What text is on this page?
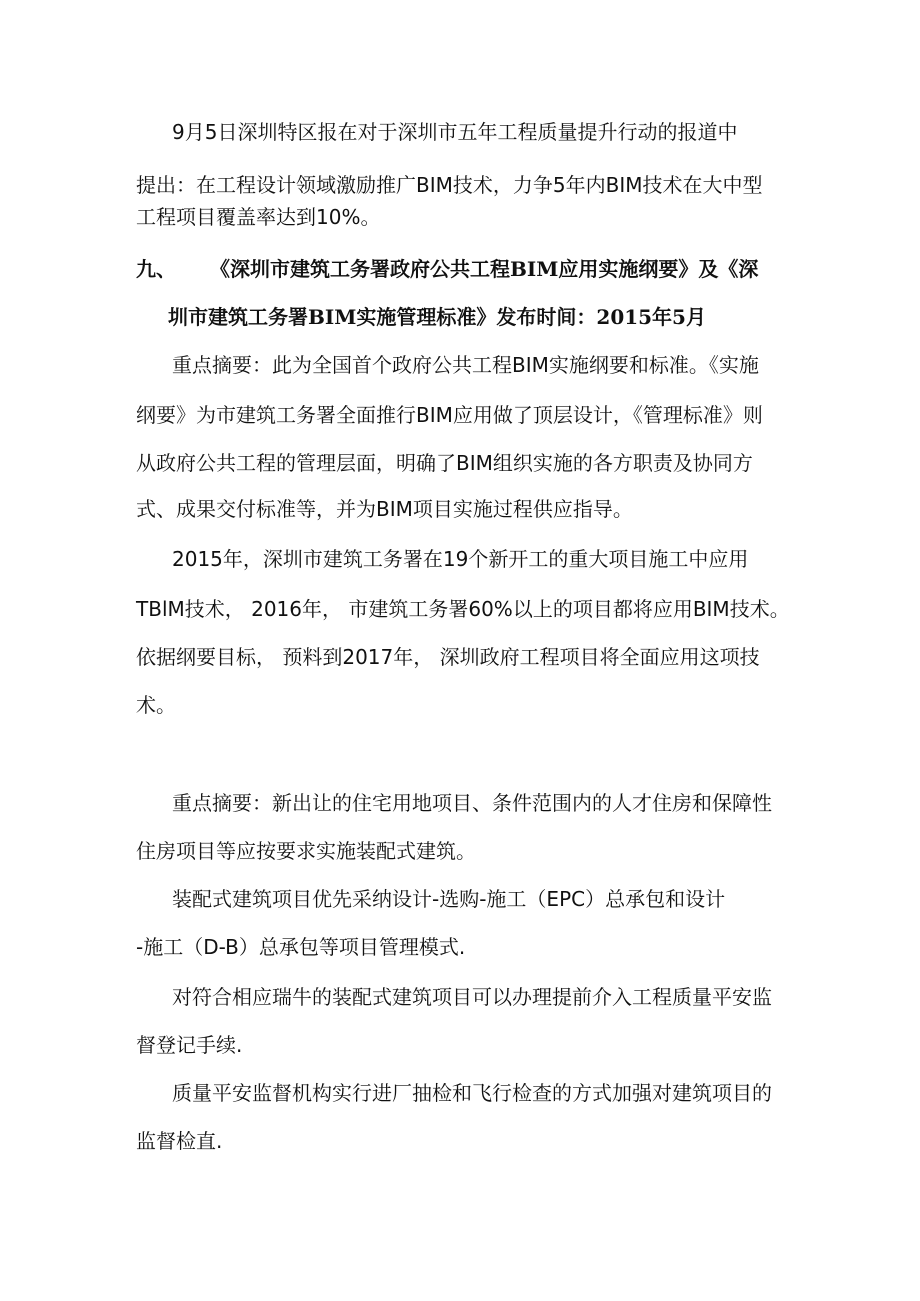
9月5日深圳特区报在对于深圳市五年工程质量提升行动的报道中
提出：在工程设计领域激励推广BIM技术，力争5年内BIM技术在大中型
工程项目覆盖率达到10%。
九、 《深圳市建筑工务署政府公共工程BIM应用实施纲要》及《深
圳市建筑工务署BIM实施管理标准》发布时间：2015年5月
重点摘要：此为全国首个政府公共工程BIM实施纲要和标准。《实施
纲要》为市建筑工务署全面推行BIM应用做了顶层设计，《管理标准》则
从政府公共工程的管理层面，明确了BIM组织实施的各方职责及协同方
式、成果交付标准等，并为BIM项目实施过程供应指导。
2015年，深圳市建筑工务署在19个新开工的重大项目施工中应用
TBlM技术， 2016年， 市建筑工务署60%以上的项目都将应用BIM技术。
依据纲要目标， 预料到2017年， 深圳政府工程项目将全面应用这项技
术。
重点摘要：新出让的住宅用地项目、条件范围内的人才住房和保障性
住房项目等应按要求实施装配式建筑。
装配式建筑项目优先采纳设计-选购-施工（EPC）总承包和设计
-施工（D-B）总承包等项目管理模式.
对符合相应瑞牛的装配式建筑项目可以办理提前介入工程质量平安监
督登记手续.
质量平安监督机构实行进厂抽检和飞行检查的方式加强对建筑项目的
监督检直.
